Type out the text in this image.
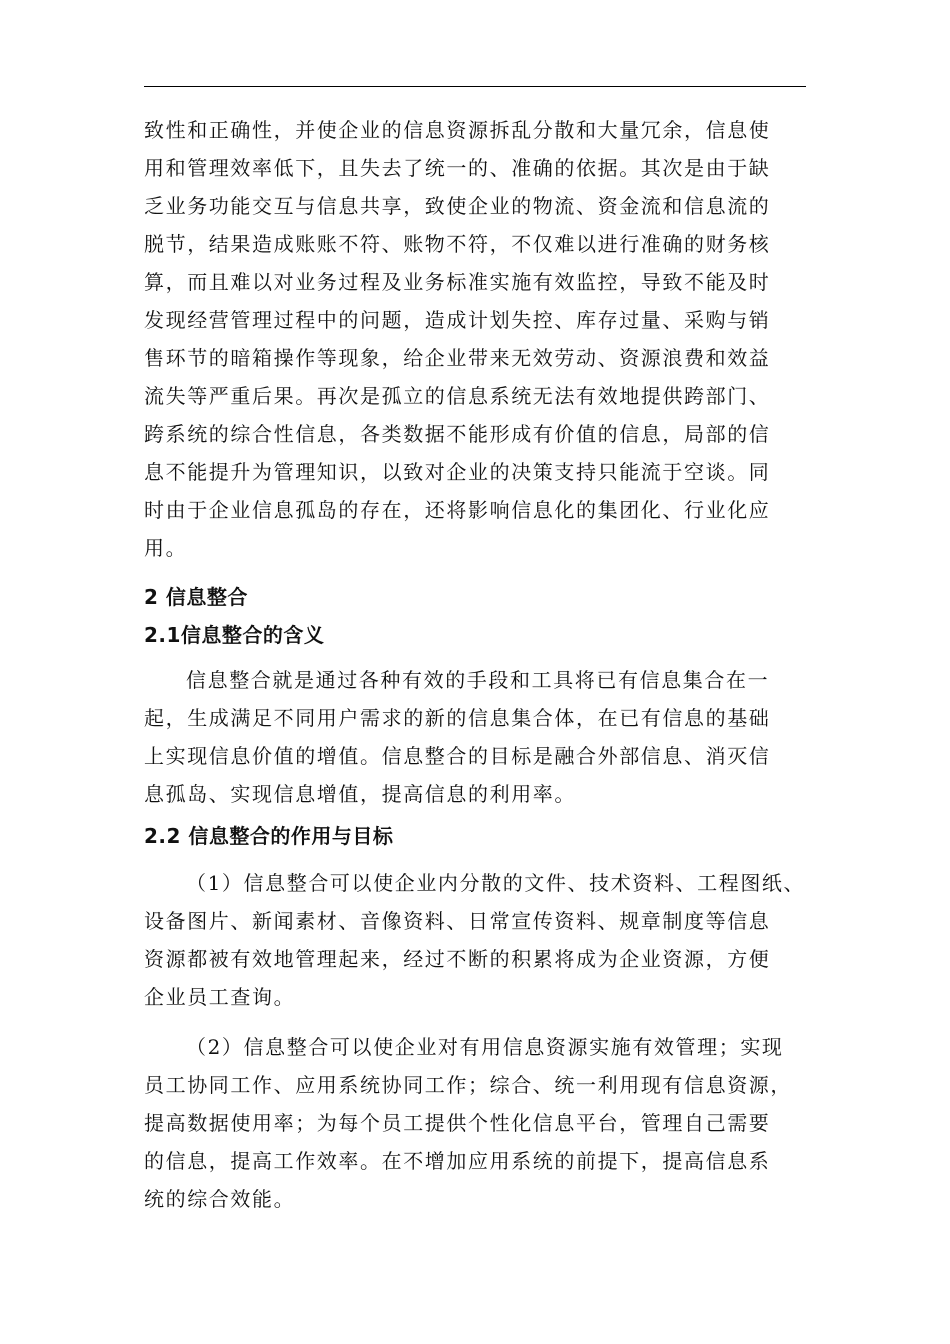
致性和正确性，并使企业的信息资源拆乱分散和大量冗余，信息使
用和管理效率低下，且失去了统一的、准确的依据。其次是由于缺
乏业务功能交互与信息共享，致使企业的物流、资金流和信息流的
脱节，结果造成账账不符、账物不符，不仅难以进行准确的财务核
算，而且难以对业务过程及业务标准实施有效监控，导致不能及时
发现经营管理过程中的问题，造成计划失控、库存过量、采购与销
售环节的暗箱操作等现象，给企业带来无效劳动、资源浪费和效益
流失等严重后果。再次是孤立的信息系统无法有效地提供跨部门、
跨系统的综合性信息，各类数据不能形成有价值的信息，局部的信
息不能提升为管理知识，以致对企业的决策支持只能流于空谈。同
时由于企业信息孤岛的存在，还将影响信息化的集团化、行业化应
用。
2 信息整合
2.1信息整合的含义
信息整合就是通过各种有效的手段和工具将已有信息集合在一
起，生成满足不同用户需求的新的信息集合体，在已有信息的基础
上实现信息价值的增值。信息整合的目标是融合外部信息、消灭信
息孤岛、实现信息增值，提高信息的利用率。
2.2 信息整合的作用与目标
（1）信息整合可以使企业内分散的文件、技术资料、工程图纸、
设备图片、新闻素材、音像资料、日常宣传资料、规章制度等信息
资源都被有效地管理起来，经过不断的积累将成为企业资源，方便
企业员工查询。
（2）信息整合可以使企业对有用信息资源实施有效管理；实现
员工协同工作、应用系统协同工作；综合、统一利用现有信息资源，
提高数据使用率；为每个员工提供个性化信息平台，管理自己需要
的信息，提高工作效率。在不增加应用系统的前提下，提高信息系
统的综合效能。
